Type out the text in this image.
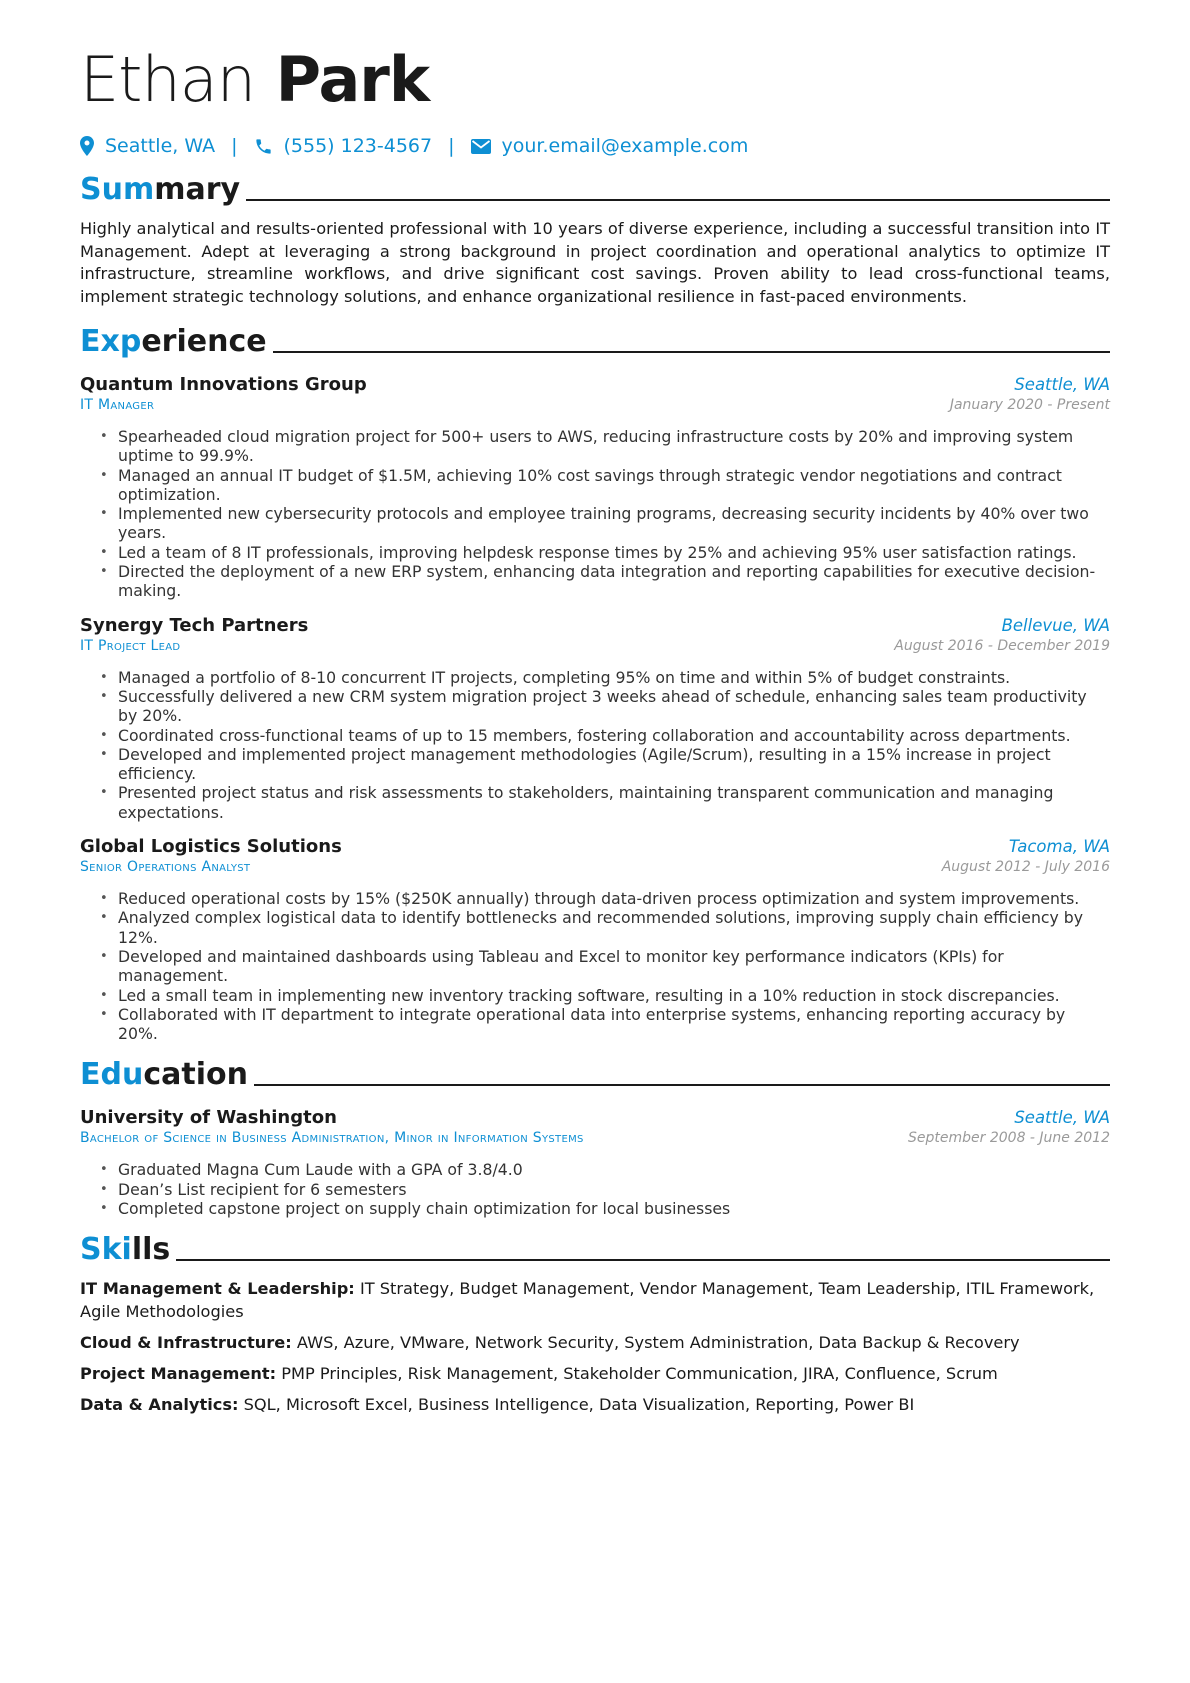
Ethan Park
Seattle, WA | (555) 123-4567 | your.email@example.com
Summary

Highly analytical and results-oriented professional with 10 years of diverse experience, including a successful transition into IT Management. Adept at leveraging a strong background in project coordination and operational analytics to optimize IT infrastructure, streamline workflows, and drive significant cost savings. Proven ability to lead cross-functional teams, implement strategic technology solutions, and enhance organizational resilience in fast-paced environments.

Experience
Quantum Innovations Group	Seattle, WA
IT Manager	January 2020 - Present
• Spearheaded cloud migration project for 500+ users to AWS, reducing infrastructure costs by 20% and improving system uptime to 99.9%.
• Managed an annual IT budget of $1.5M, achieving 10% cost savings through strategic vendor negotiations and contract optimization.
• Implemented new cybersecurity protocols and employee training programs, decreasing security incidents by 40% over two years.
• Led a team of 8 IT professionals, improving helpdesk response times by 25% and achieving 95% user satisfaction ratings.
• Directed the deployment of a new ERP system, enhancing data integration and reporting capabilities for executive decision-making.
Synergy Tech Partners	Bellevue, WA
IT Project Lead	August 2016 - December 2019
• Managed a portfolio of 8-10 concurrent IT projects, completing 95% on time and within 5% of budget constraints.
• Successfully delivered a new CRM system migration project 3 weeks ahead of schedule, enhancing sales team productivity by 20%.
• Coordinated cross-functional teams of up to 15 members, fostering collaboration and accountability across departments.
• Developed and implemented project management methodologies (Agile/Scrum), resulting in a 15% increase in project efficiency.
• Presented project status and risk assessments to stakeholders, maintaining transparent communication and managing expectations.
Global Logistics Solutions	Tacoma, WA
Senior Operations Analyst	August 2012 - July 2016
• Reduced operational costs by 15% ($250K annually) through data-driven process optimization and system improvements.
• Analyzed complex logistical data to identify bottlenecks and recommended solutions, improving supply chain efficiency by 12%.
• Developed and maintained dashboards using Tableau and Excel to monitor key performance indicators (KPIs) for management.
• Led a small team in implementing new inventory tracking software, resulting in a 10% reduction in stock discrepancies.
• Collaborated with IT department to integrate operational data into enterprise systems, enhancing reporting accuracy by 20%.
Education
University of Washington	Seattle, WA
Bachelor of Science in Business Administration, Minor in Information Systems	September 2008 - June 2012
• Graduated Magna Cum Laude with a GPA of 3.8/4.0
• Dean’s List recipient for 6 semesters
• Completed capstone project on supply chain optimization for local businesses
Skills
IT Management & Leadership: IT Strategy, Budget Management, Vendor Management, Team Leadership, ITIL Framework, Agile Methodologies
Cloud & Infrastructure: AWS, Azure, VMware, Network Security, System Administration, Data Backup & Recovery
Project Management: PMP Principles, Risk Management, Stakeholder Communication, JIRA, Confluence, Scrum
Data & Analytics: SQL, Microsoft Excel, Business Intelligence, Data Visualization, Reporting, Power BI
